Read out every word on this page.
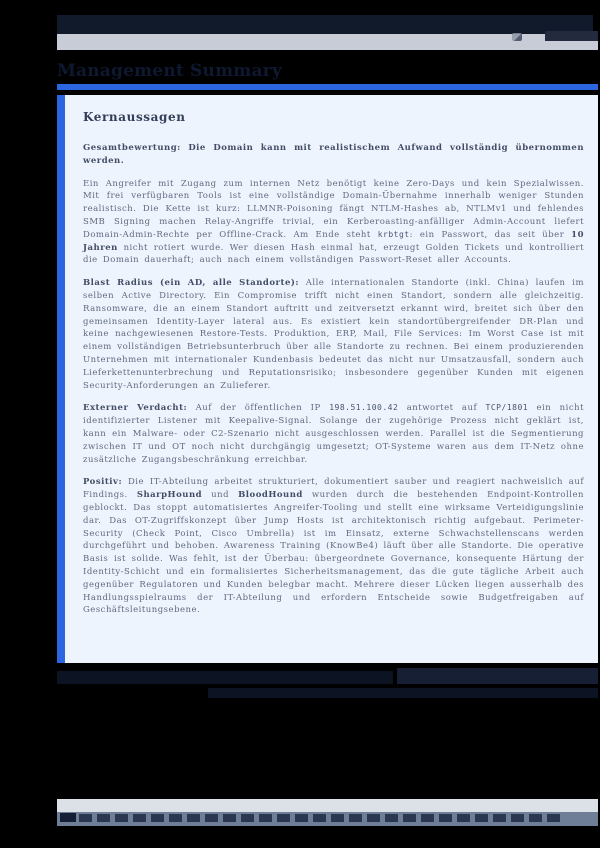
Management Summary
Kernaussagen

Gesamtbewertung: Die Domain kann mit realistischem Aufwand vollständig übernommen werden.

Ein Angreifer mit Zugang zum internen Netz benötigt keine Zero-Days und kein Spezialwissen. Mit frei verfügbaren Tools ist eine vollständige Domain-Übernahme innerhalb weniger Stunden realistisch. Die Kette ist kurz: LLMNR-Poisoning fängt NTLM-Hashes ab, NTLMv1 und fehlendes SMB Signing machen Relay-Angriffe trivial, ein Kerberoasting-anfälliger Admin-Account liefert Domain-Admin-Rechte per Offline-Crack. Am Ende steht krbtgt: ein Passwort, das seit über 10 Jahren nicht rotiert wurde. Wer diesen Hash einmal hat, erzeugt Golden Tickets und kontrolliert die Domain dauerhaft; auch nach einem vollständigen Passwort-Reset aller Accounts.

Blast Radius (ein AD, alle Standorte): Alle internationalen Standorte (inkl. China) laufen im selben Active Directory. Ein Compromise trifft nicht einen Standort, sondern alle gleichzeitig. Ransomware, die an einem Standort auftritt und zeitversetzt erkannt wird, breitet sich über den gemeinsamen Identity-Layer lateral aus. Es existiert kein standortübergreifender DR-Plan und keine nachgewiesenen Restore-Tests. Produktion, ERP, Mail, File Services: Im Worst Case ist mit einem vollständigen Betriebsunterbruch über alle Standorte zu rechnen. Bei einem produzierenden Unternehmen mit internationaler Kundenbasis bedeutet das nicht nur Umsatzausfall, sondern auch Lieferkettenunterbrechung und Reputationsrisiko; insbesondere gegenüber Kunden mit eigenen Security-Anforderungen an Zulieferer.

Externer Verdacht: Auf der öffentlichen IP 198.51.100.42 antwortet auf TCP/1801 ein nicht identifizierter Listener mit Keepalive-Signal. Solange der zugehörige Prozess nicht geklärt ist, kann ein Malware- oder C2-Szenario nicht ausgeschlossen werden. Parallel ist die Segmentierung zwischen IT und OT noch nicht durchgängig umgesetzt; OT-Systeme waren aus dem IT-Netz ohne zusätzliche Zugangsbeschränkung erreichbar.

Positiv: Die IT-Abteilung arbeitet strukturiert, dokumentiert sauber und reagiert nachweislich auf Findings. SharpHound und BloodHound wurden durch die bestehenden Endpoint-Kontrollen geblockt. Das stoppt automatisiertes Angreifer-Tooling und stellt eine wirksame Verteidigungslinie dar. Das OT-Zugriffskonzept über Jump Hosts ist architektonisch richtig aufgebaut. Perimeter-Security (Check Point, Cisco Umbrella) ist im Einsatz, externe Schwachstellenscans werden durchgeführt und behoben. Awareness Training (KnowBe4) läuft über alle Standorte. Die operative Basis ist solide. Was fehlt, ist der Überbau: übergeordnete Governance, konsequente Härtung der Identity-Schicht und ein formalisiertes Sicherheitsmanagement, das die gute tägliche Arbeit auch gegenüber Regulatoren und Kunden belegbar macht. Mehrere dieser Lücken liegen ausserhalb des Handlungsspielraums der IT-Abteilung und erfordern Entscheide sowie Budgetfreigaben auf Geschäftsleitungsebene.
